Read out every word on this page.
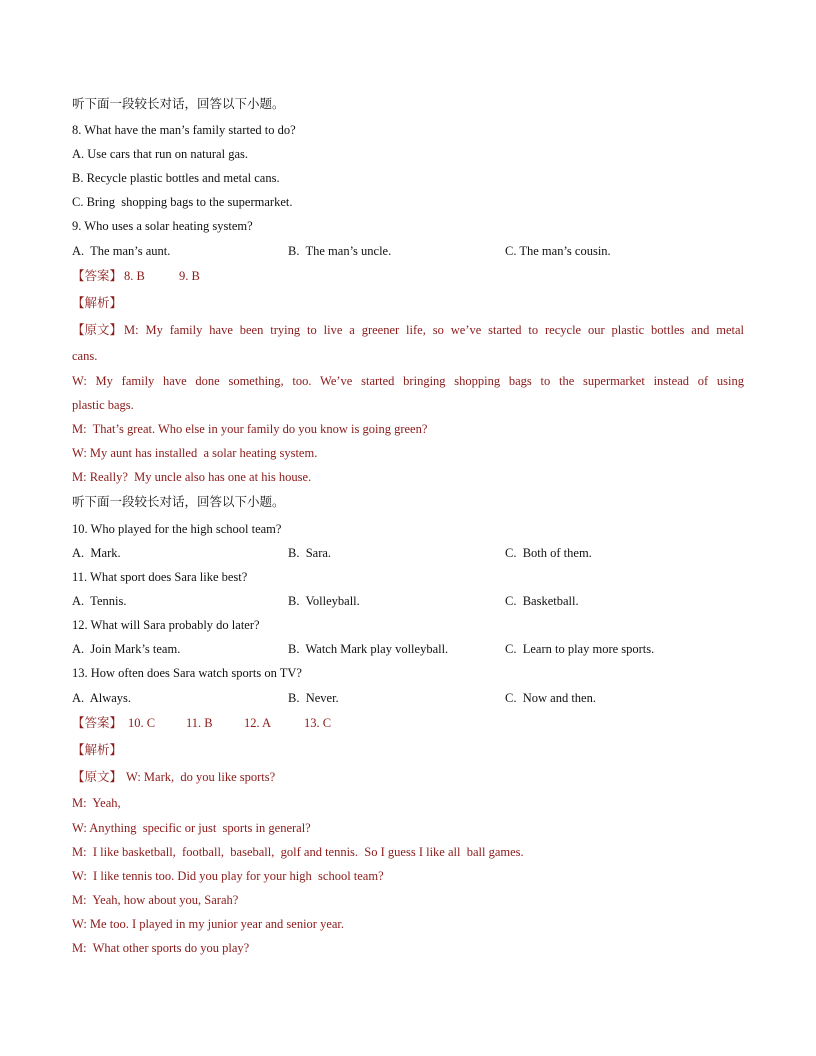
听下面一段较长对话，回答以下小题。
8. What have the man’s family started to do?
A. Use cars that run on natural gas.
B. Recycle plastic bottles and metal cans.
C. Bring  shopping bags to the supermarket.
9. Who uses a solar heating system?
A.  The man’s aunt.	B.  The man’s uncle.	C. The man’s cousin.
【答案】 8. B	9. B
【解析】
【原文】 M: My family have been trying to live a greener life, so we’ve started to recycle our plastic bottles and metal
cans.
W: My family have done something, too. We’ve started bringing shopping bags to the supermarket instead of using
plastic bags.
M:  That’s great. Who else in your family do you know is going green?
W: My aunt has installed  a solar heating system.
M: Really?  My uncle also has one at his house.
听下面一段较长对话，回答以下小题。
10. Who played for the high school team?
A.  Mark.	B.  Sara.	C.  Both of them.
11. What sport does Sara like best?
A.  Tennis.	B.  Volleyball.	C.  Basketball.
12. What will Sara probably do later?
A.  Join Mark’s team.	B.  Watch Mark play volleyball.	C.  Learn to play more sports.
13. How often does Sara watch sports on TV?
A.  Always.	B.  Never.	C.  Now and then.
【答案】 10. C 11. B	12. A	13. C
【解析】
【原文】 W: Mark,  do you like sports?
M:  Yeah,
W: Anything  specific or just  sports in general?
M:  I like basketball,  football,  baseball,  golf and tennis.  So I guess I like all  ball games.
W:  I like tennis too. Did you play for your high  school team?
M:  Yeah, how about you, Sarah?
W: Me too. I played in my junior year and senior year.
M:  What other sports do you play?
